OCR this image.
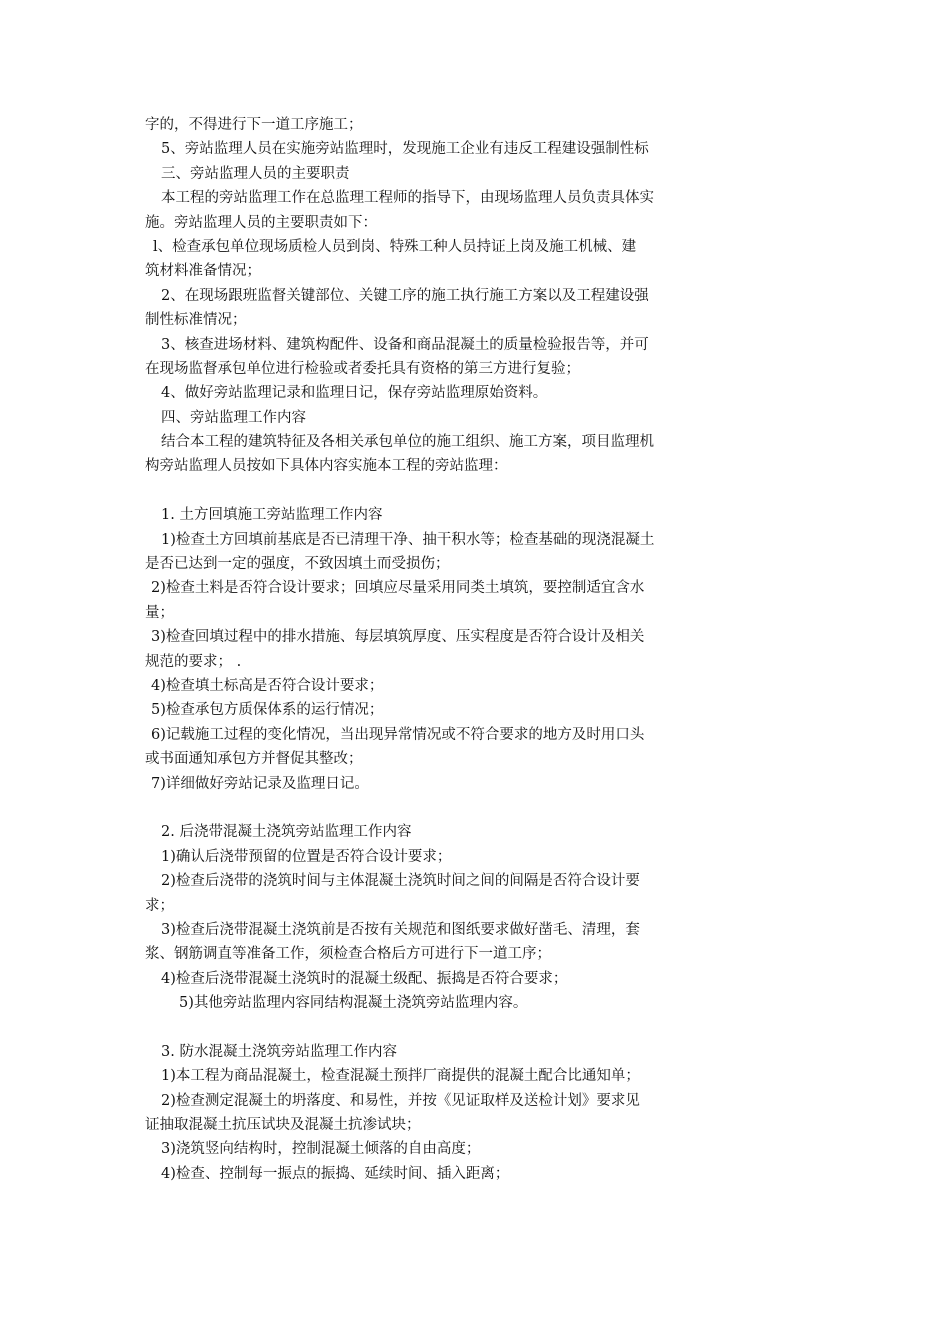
字的，不得进行下一道工序施工；
5、旁站监理人员在实施旁站监理时，发现施工企业有违反工程建设强制性标
三、旁站监理人员的主要职责
本工程的旁站监理工作在总监理工程师的指导下，由现场监理人员负责具体实
施。旁站监理人员的主要职责如下：
l、检查承包单位现场质检人员到岗、特殊工种人员持证上岗及施工机械、建
筑材料准备情况；
2、在现场跟班监督关键部位、关键工序的施工执行施工方案以及工程建设强
制性标准情况；
3、核查进场材料、建筑构配件、设备和商品混凝土的质量检验报告等，并可
在现场监督承包单位进行检验或者委托具有资格的第三方进行复验；
4、做好旁站监理记录和监理日记，保存旁站监理原始资料。
四、旁站监理工作内容
结合本工程的建筑特征及各相关承包单位的施工组织、施工方案，项目监理机
构旁站监理人员按如下具体内容实施本工程的旁站监理：
1. 土方回填施工旁站监理工作内容
1)检查土方回填前基底是否已清理干净、抽干积水等；检查基础的现浇混凝土
是否已达到一定的强度，不致因填土而受损伤；
2)检查土料是否符合设计要求；回填应尽量采用同类土填筑，要控制适宜含水
量；
3)检查回填过程中的排水措施、每层填筑厚度、压实程度是否符合设计及相关
规范的要求； .
4)检查填土标高是否符合设计要求；
5)检查承包方质保体系的运行情况；
6)记载施工过程的变化情况，当出现异常情况或不符合要求的地方及时用口头
或书面通知承包方并督促其整改；
7)详细做好旁站记录及监理日记。
2. 后浇带混凝土浇筑旁站监理工作内容
1)确认后浇带预留的位置是否符合设计要求；
2)检查后浇带的浇筑时间与主体混凝土浇筑时间之间的间隔是否符合设计要
求；
3)检查后浇带混凝土浇筑前是否按有关规范和图纸要求做好凿毛、清理，套
浆、钢筋调直等准备工作，须检查合格后方可进行下一道工序；
4)检查后浇带混凝土浇筑时的混凝土级配、振捣是否符合要求；
5)其他旁站监理内容同结构混凝土浇筑旁站监理内容。
3. 防水混凝土浇筑旁站监理工作内容
1)本工程为商品混凝土，检查混凝土预拌厂商提供的混凝土配合比通知单；
2)检查测定混凝土的坍落度、和易性，并按《见证取样及送检计划》要求见
证抽取混凝土抗压试块及混凝土抗渗试块；
3)浇筑竖向结构时，控制混凝土倾落的自由高度；
4)检查、控制每一振点的振捣、延续时间、插入距离；
